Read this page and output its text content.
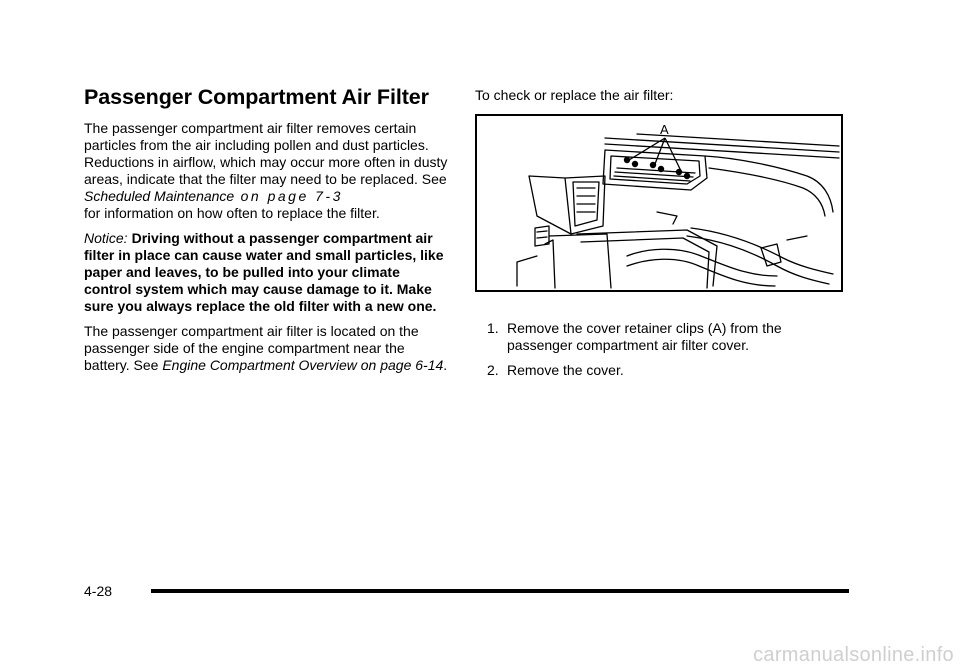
Passenger Compartment Air Filter

The passenger compartment air filter removes certain particles from the air including pollen and dust particles. Reductions in airflow, which may occur more often in dusty areas, indicate that the filter may need to be replaced. See Scheduled Maintenance on page 7‑3
for information on how often to replace the filter.

Notice: Driving without a passenger compartment air filter in place can cause water and small particles, like paper and leaves, to be pulled into your climate control system which may cause damage to it. Make sure you always replace the old filter with a new one.

The passenger compartment air filter is located on the passenger side of the engine compartment near the battery. See Engine Compartment Overview on page 6‑14.

To check or replace the air filter:

A
1. Remove the cover retainer clips (A) from the passenger compartment air filter cover.
2. Remove the cover.
4-28
carmanualsonline.info
